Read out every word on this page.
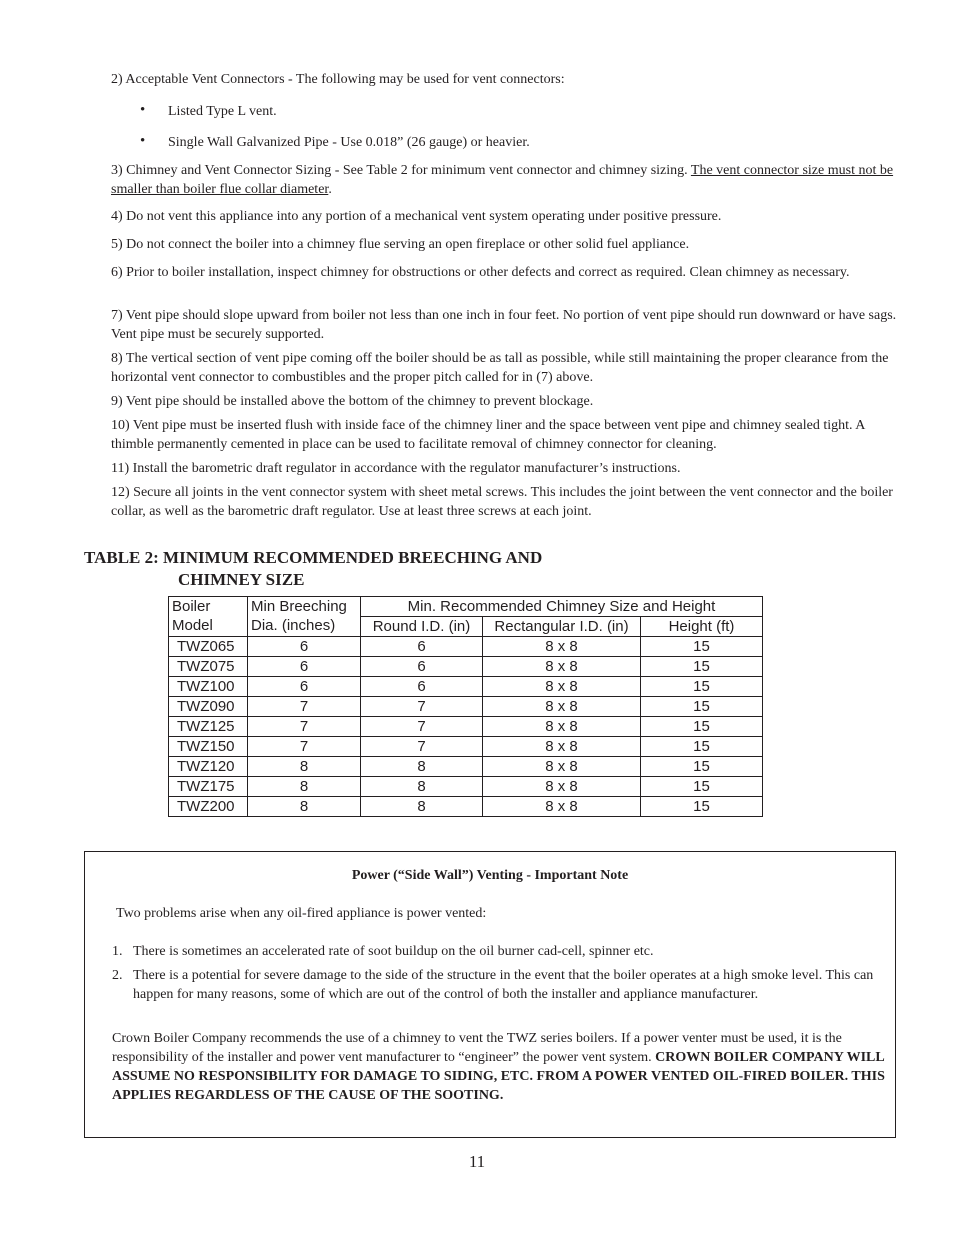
2) Acceptable Vent Connectors - The following may be used for vent connectors:
• Listed Type L vent.
• Single Wall Galvanized Pipe - Use 0.018” (26 gauge) or heavier.
3) Chimney and Vent Connector Sizing - See Table 2 for minimum vent connector and chimney sizing. The vent connector size must not be smaller than boiler flue collar diameter.
4) Do not vent this appliance into any portion of a mechanical vent system operating under positive pressure.
5) Do not connect the boiler into a chimney flue serving an open fireplace or other solid fuel appliance.
6) Prior to boiler installation, inspect chimney for obstructions or other defects and correct as required. Clean chimney as necessary.
7) Vent pipe should slope upward from boiler not less than one inch in four feet. No portion of vent pipe should run downward or have sags. Vent pipe must be securely supported.
8) The vertical section of vent pipe coming off the boiler should be as tall as possible, while still maintaining the proper clearance from the horizontal vent connector to combustibles and the proper pitch called for in (7) above.
9) Vent pipe should be installed above the bottom of the chimney to prevent blockage.
10) Vent pipe must be inserted flush with inside face of the chimney liner and the space between vent pipe and chimney sealed tight. A thimble permanently cemented in place can be used to facilitate removal of chimney connector for cleaning.
11) Install the barometric draft regulator in accordance with the regulator manufacturer’s instructions.
12) Secure all joints in the vent connector system with sheet metal screws. This includes the joint between the vent connector and the boiler collar, as well as the barometric draft regulator. Use at least three screws at each joint.
TABLE 2: MINIMUM RECOMMENDED BREECHING AND
CHIMNEY SIZE
Boiler	Min Breeching	Min. Recommended Chimney Size and Height		
Model	Dia. (inches)	Round I.D. (in)	Rectangular I.D. (in)	Height (ft)
TWZ065	6	6	8 x 8	15
TWZ075	6	6	8 x 8	15
TWZ100	6	6	8 x 8	15
TWZ090	7	7	8 x 8	15
TWZ125	7	7	8 x 8	15
TWZ150	7	7	8 x 8	15
TWZ120	8	8	8 x 8	15
TWZ175	8	8	8 x 8	15
TWZ200	8	8	8 x 8	15
Power (“Side Wall”) Venting - Important Note
Two problems arise when any oil-fired appliance is power vented:
1. There is sometimes an accelerated rate of soot buildup on the oil burner cad-cell, spinner etc.
2. There is a potential for severe damage to the side of the structure in the event that the boiler operates at a high smoke level. This can happen for many reasons, some of which are out of the control of both the installer and appliance manufacturer.
Crown Boiler Company recommends the use of a chimney to vent the TWZ series boilers. If a power venter must be used, it is the responsibility of the installer and power vent manufacturer to “engineer” the power vent system. CROWN BOILER COMPANY WILL ASSUME NO RESPONSIBILITY FOR DAMAGE TO SIDING, ETC. FROM A POWER VENTED OIL-FIRED BOILER. THIS APPLIES REGARDLESS OF THE CAUSE OF THE SOOTING.
11
